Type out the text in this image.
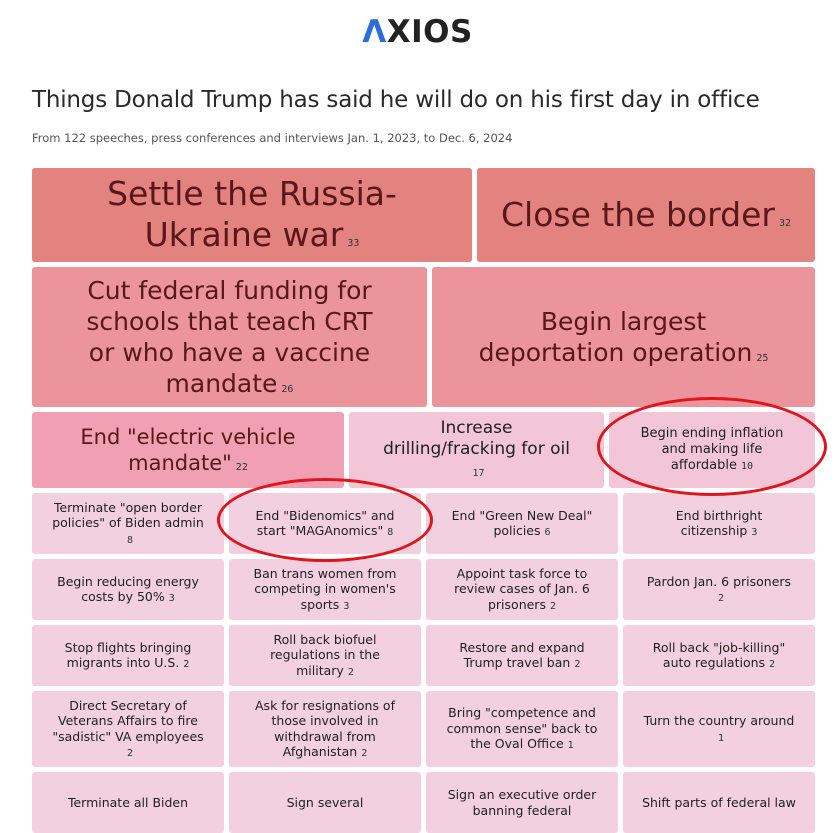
ΛXIOS
Things Donald Trump has said he will do on his first day in office
From 122 speeches, press conferences and interviews Jan. 1, 2023, to Dec. 6, 2024
Settle the Russia-
Ukraine war 33
Close the border 32
Cut federal funding for
schools that teach CRT
or who have a vaccine
mandate 26
Begin largest
deportation operation 25
End "electric vehicle
mandate" 22
Increase
drilling/fracking for oil
17
Begin ending inflation
and making life
affordable 10
Terminate "open border
policies" of Biden admin
8
End "Bidenomics" and
start "MAGAnomics" 8
End "Green New Deal"
policies 6
End birthright
citizenship 3
Begin reducing energy
costs by 50% 3
Ban trans women from
competing in women's
sports 3
Appoint task force to
review cases of Jan. 6
prisoners 2
Pardon Jan. 6 prisoners
2
Stop flights bringing
migrants into U.S. 2
Roll back biofuel
regulations in the
military 2
Restore and expand
Trump travel ban 2
Roll back "job-killing"
auto regulations 2
Direct Secretary of
Veterans Affairs to fire
"sadistic" VA employees
2
Ask for resignations of
those involved in
withdrawal from
Afghanistan 2
Bring "competence and
common sense" back to
the Oval Office 1
Turn the country around
1
Terminate all Biden	Sign several
Sign an executive order
banning federal
Shift parts of federal law
